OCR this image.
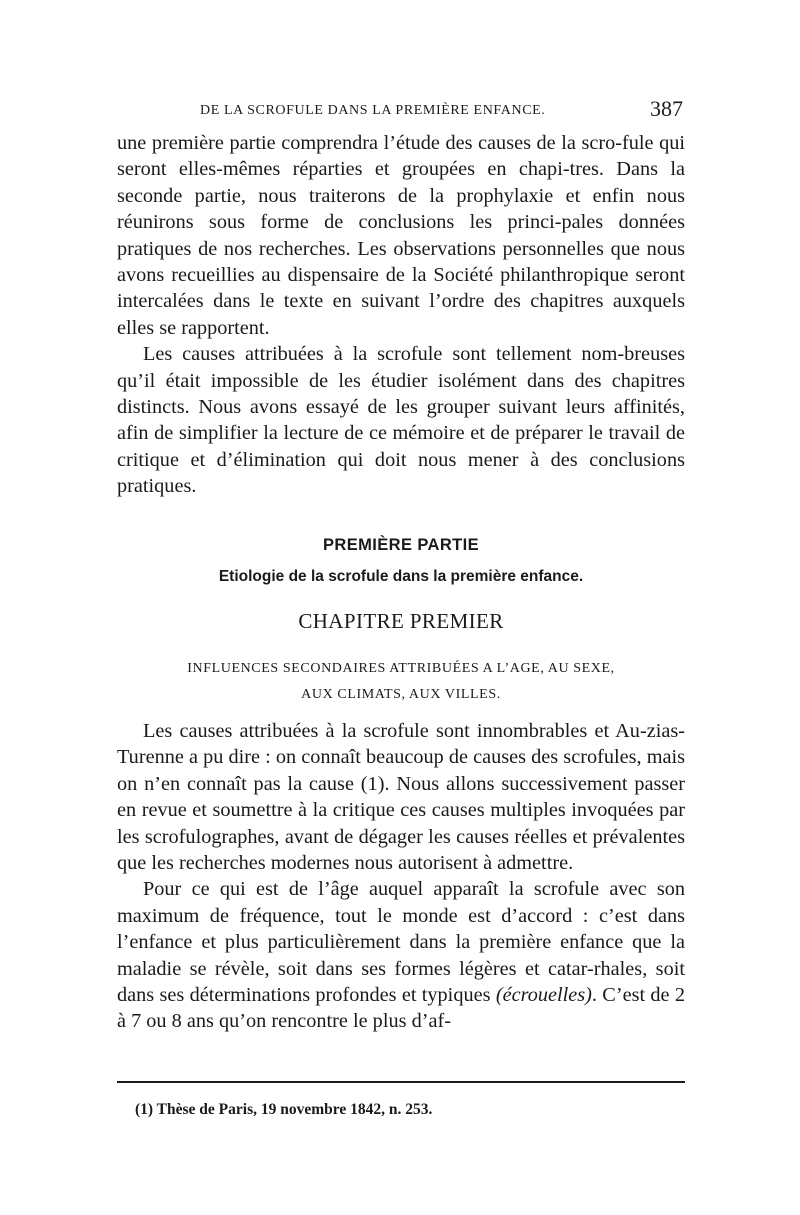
DE LA SCROFULE DANS LA PREMIÈRE ENFANCE.	387

une première partie comprendra l’étude des causes de la scro-fule qui seront elles-mêmes réparties et groupées en chapi-tres. Dans la seconde partie, nous traiterons de la prophylaxie et enfin nous réunirons sous forme de conclusions les princi-pales données pratiques de nos recherches. Les observations personnelles que nous avons recueillies au dispensaire de la Société philanthropique seront intercalées dans le texte en suivant l’ordre des chapitres auxquels elles se rapportent.

Les causes attribuées à la scrofule sont tellement nom-breuses qu’il était impossible de les étudier isolément dans des chapitres distincts. Nous avons essayé de les grouper suivant leurs affinités, afin de simplifier la lecture de ce mémoire et de préparer le travail de critique et d’élimination qui doit nous mener à des conclusions pratiques.

PREMIÈRE PARTIE
Etiologie de la scrofule dans la première enfance.
CHAPITRE PREMIER
INFLUENCES SECONDAIRES ATTRIBUÉES A L’AGE, AU SEXE,
AUX CLIMATS, AUX VILLES.

Les causes attribuées à la scrofule sont innombrables et Au-zias-Turenne a pu dire : on connaît beaucoup de causes des scrofules, mais on n’en connaît pas la cause (1). Nous allons successivement passer en revue et soumettre à la critique ces causes multiples invoquées par les scrofulographes, avant de dégager les causes réelles et prévalentes que les recherches modernes nous autorisent à admettre.

Pour ce qui est de l’âge auquel apparaît la scrofule avec son maximum de fréquence, tout le monde est d’accord : c’est dans l’enfance et plus particulièrement dans la première enfance que la maladie se révèle, soit dans ses formes légères et catar-rhales, soit dans ses déterminations profondes et typiques (écrouelles). C’est de 2 à 7 ou 8 ans qu’on rencontre le plus d’af-

(1) Thèse de Paris, 19 novembre 1842, n. 253.
